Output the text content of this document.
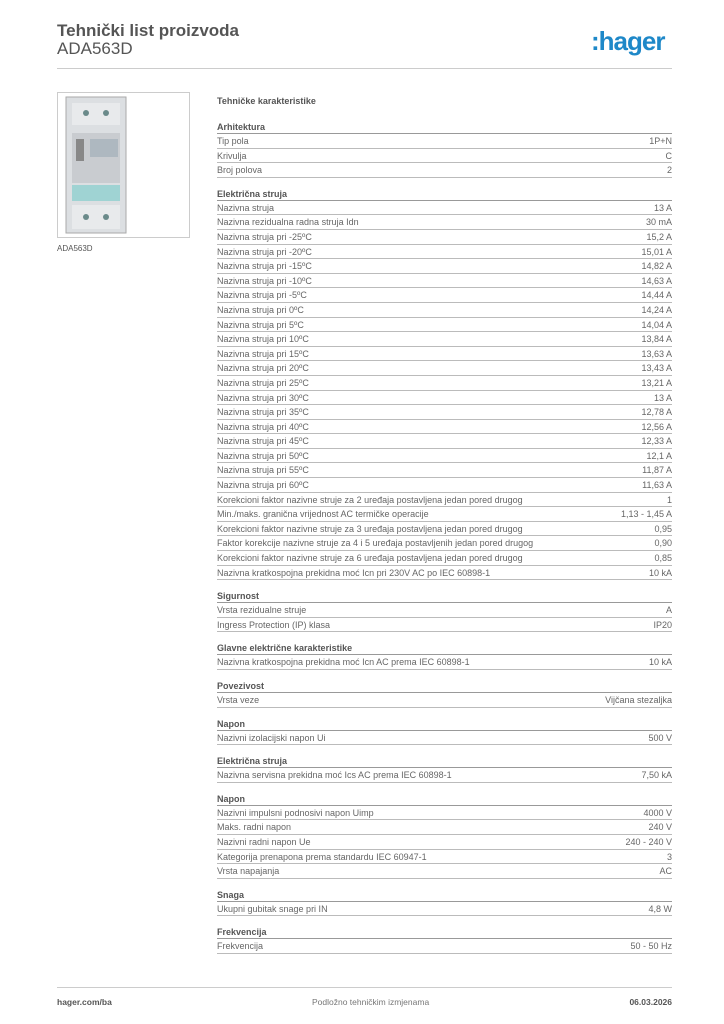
Tehnički list proizvoda
ADA563D	:hager
ADA563D
Tehničke karakteristike
Arhitektura
Tip pola	1P+N
Krivulja	C
Broj polova	2
Električna struja
Nazivna struja	13 A
Nazivna rezidualna radna struja Idn	30 mA
Nazivna struja pri -25ºC	15,2 A
Nazivna struja pri -20ºC	15,01 A
Nazivna struja pri -15ºC	14,82 A
Nazivna struja pri -10ºC	14,63 A
Nazivna struja pri -5ºC	14,44 A
Nazivna struja pri 0ºC	14,24 A
Nazivna struja pri 5ºC	14,04 A
Nazivna struja pri 10ºC	13,84 A
Nazivna struja pri 15ºC	13,63 A
Nazivna struja pri 20ºC	13,43 A
Nazivna struja pri 25ºC	13,21 A
Nazivna struja pri 30ºC	13 A
Nazivna struja pri 35ºC	12,78 A
Nazivna struja pri 40ºC	12,56 A
Nazivna struja pri 45ºC	12,33 A
Nazivna struja pri 50ºC	12,1 A
Nazivna struja pri 55ºC	11,87 A
Nazivna struja pri 60ºC	11,63 A
Korekcioni faktor nazivne struje za 2 uređaja postavljena jedan pored drugog	1
Min./maks. granična vrijednost AC termičke operacije	1,13 - 1,45 A
Korekcioni faktor nazivne struje za 3 uređaja postavljena jedan pored drugog	0,95
Faktor korekcije nazivne struje za 4 i 5 uređaja postavljenih jedan pored drugog	0,90
Korekcioni faktor nazivne struje za 6 uređaja postavljena jedan pored drugog	0,85
Nazivna kratkospojna prekidna moć Icn pri 230V AC po IEC 60898-1	10 kA
Sigurnost
Vrsta rezidualne struje	A
Ingress Protection (IP) klasa	IP20
Glavne električne karakteristike
Nazivna kratkospojna prekidna moć Icn AC prema IEC 60898-1	10 kA
Povezivost
Vrsta veze	Vijčana stezaljka
Napon
Nazivni izolacijski napon Ui	500 V
Električna struja
Nazivna servisna prekidna moć Ics AC prema IEC 60898-1	7,50 kA
Napon
Nazivni impulsni podnosivi napon Uimp	4000 V
Maks. radni napon	240 V
Nazivni radni napon Ue	240 - 240 V
Kategorija prenapona prema standardu IEC 60947-1	3
Vrsta napajanja	AC
Snaga
Ukupni gubitak snage pri IN	4,8 W
Frekvencija
Frekvencija	50 - 50 Hz
hager.com/ba	Podložno tehničkim izmjenama	06.03.2026
